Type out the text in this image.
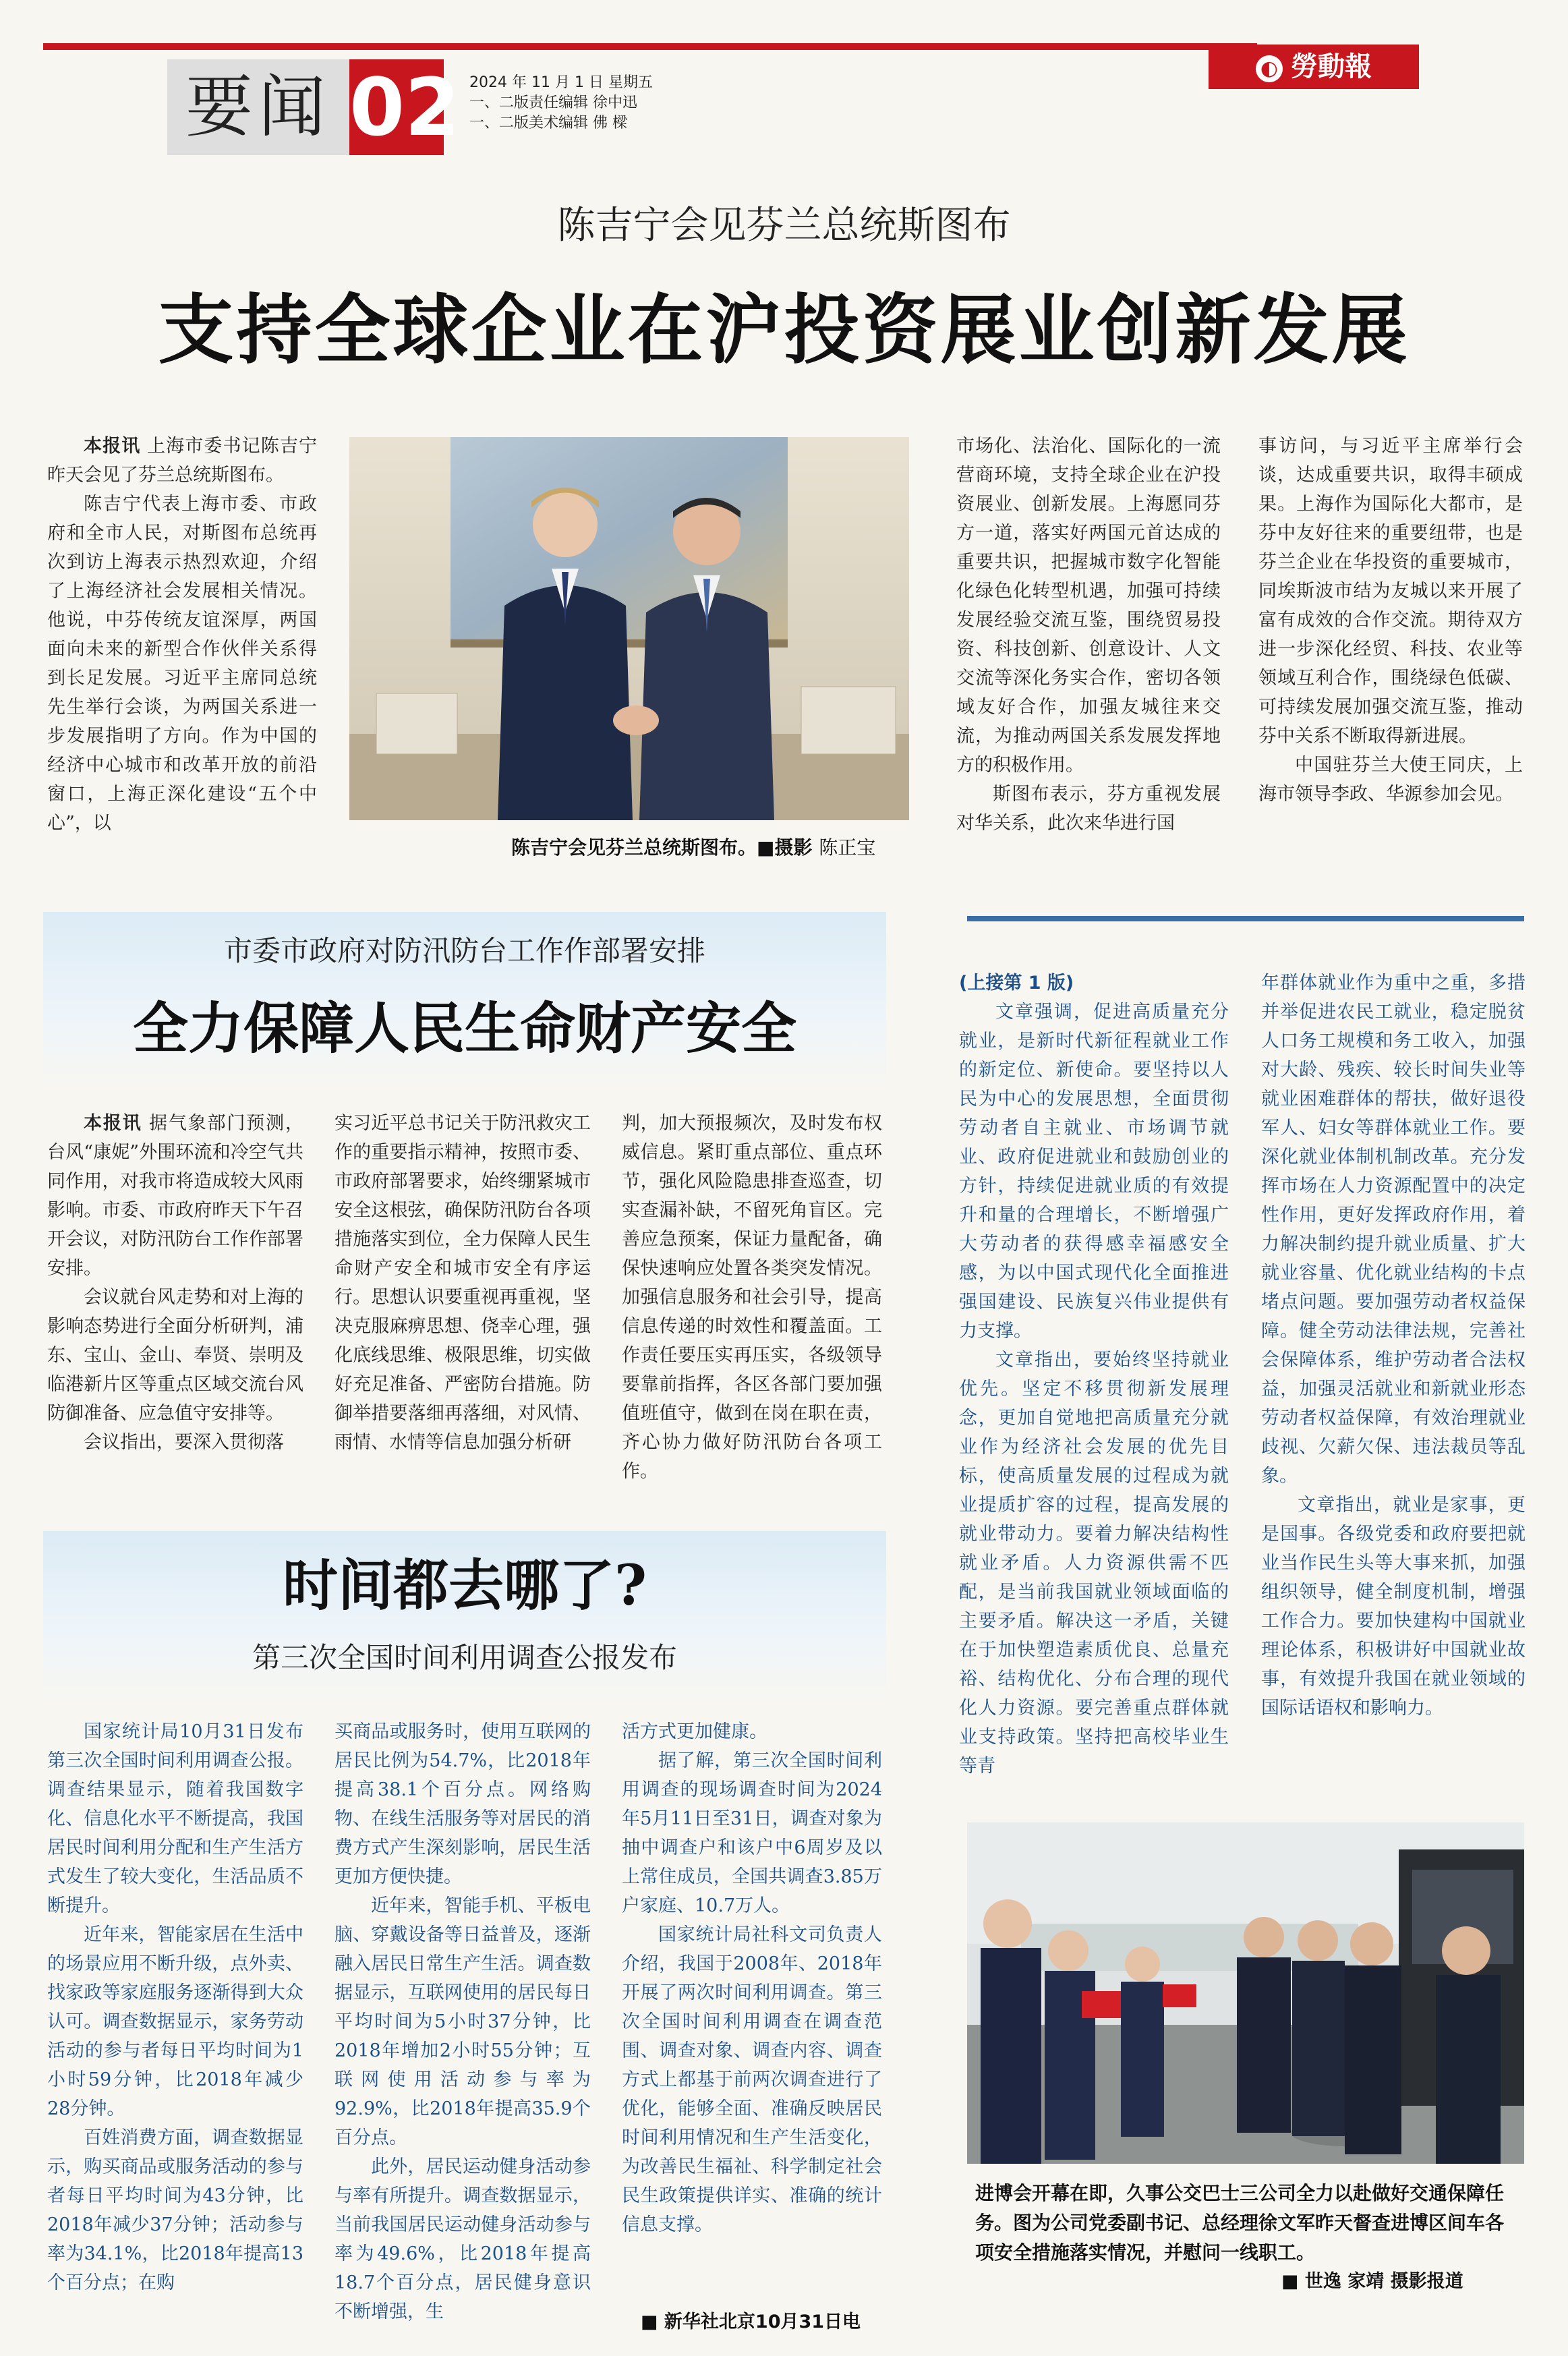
要闻 02 2024 年 11 月 1 日 星期五
一、二版责任编辑 徐中迅
一、二版美术编辑 佛 樑
◐ 勞動報
陈吉宁会见芬兰总统斯图布
支持全球企业在沪投资展业创新发展

本报讯 上海市委书记陈吉宁昨天会见了芬兰总统斯图布。

陈吉宁代表上海市委、市政府和全市人民，对斯图布总统再次到访上海表示热烈欢迎，介绍了上海经济社会发展相关情况。他说，中芬传统友谊深厚，两国面向未来的新型合作伙伴关系得到长足发展。习近平主席同总统先生举行会谈，为两国关系进一步发展指明了方向。作为中国的经济中心城市和改革开放的前沿窗口，上海正深化建设“五个中心”，以

陈吉宁会见芬兰总统斯图布。■摄影 陈正宝

市场化、法治化、国际化的一流营商环境，支持全球企业在沪投资展业、创新发展。上海愿同芬方一道，落实好两国元首达成的重要共识，把握城市数字化智能化绿色化转型机遇，加强可持续发展经验交流互鉴，围绕贸易投资、科技创新、创意设计、人文交流等深化务实合作，密切各领域友好合作，加强友城往来交流，为推动两国关系发展发挥地方的积极作用。

斯图布表示，芬方重视发展对华关系，此次来华进行国

事访问，与习近平主席举行会谈，达成重要共识，取得丰硕成果。上海作为国际化大都市，是芬中友好往来的重要纽带，也是芬兰企业在华投资的重要城市，同埃斯波市结为友城以来开展了富有成效的合作交流。期待双方进一步深化经贸、科技、农业等领域互利合作，围绕绿色低碳、可持续发展加强交流互鉴，推动芬中关系不断取得新进展。

中国驻芬兰大使王同庆，上海市领导李政、华源参加会见。

市委市政府对防汛防台工作作部署安排
全力保障人民生命财产安全

本报讯 据气象部门预测，台风“康妮”外围环流和冷空气共同作用，对我市将造成较大风雨影响。市委、市政府昨天下午召开会议，对防汛防台工作作部署安排。

会议就台风走势和对上海的影响态势进行全面分析研判，浦东、宝山、金山、奉贤、崇明及临港新片区等重点区域交流台风防御准备、应急值守安排等。

会议指出，要深入贯彻落

实习近平总书记关于防汛救灾工作的重要指示精神，按照市委、市政府部署要求，始终绷紧城市安全这根弦，确保防汛防台各项措施落实到位，全力保障人民生命财产安全和城市安全有序运行。思想认识要重视再重视，坚决克服麻痹思想、侥幸心理，强化底线思维、极限思维，切实做好充足准备、严密防台措施。防御举措要落细再落细，对风情、雨情、水情等信息加强分析研

判，加大预报频次，及时发布权威信息。紧盯重点部位、重点环节，强化风险隐患排查巡查，切实查漏补缺，不留死角盲区。完善应急预案，保证力量配备，确保快速响应处置各类突发情况。加强信息服务和社会引导，提高信息传递的时效性和覆盖面。工作责任要压实再压实，各级领导要靠前指挥，各区各部门要加强值班值守，做到在岗在职在责，齐心协力做好防汛防台各项工作。

(上接第 1 版)

文章强调，促进高质量充分就业，是新时代新征程就业工作的新定位、新使命。要坚持以人民为中心的发展思想，全面贯彻劳动者自主就业、市场调节就业、政府促进就业和鼓励创业的方针，持续促进就业质的有效提升和量的合理增长，不断增强广大劳动者的获得感幸福感安全感，为以中国式现代化全面推进强国建设、民族复兴伟业提供有力支撑。

文章指出，要始终坚持就业优先。坚定不移贯彻新发展理念，更加自觉地把高质量充分就业作为经济社会发展的优先目标，使高质量发展的过程成为就业提质扩容的过程，提高发展的就业带动力。要着力解决结构性就业矛盾。人力资源供需不匹配，是当前我国就业领域面临的主要矛盾。解决这一矛盾，关键在于加快塑造素质优良、总量充裕、结构优化、分布合理的现代化人力资源。要完善重点群体就业支持政策。坚持把高校毕业生等青

年群体就业作为重中之重，多措并举促进农民工就业，稳定脱贫人口务工规模和务工收入，加强对大龄、残疾、较长时间失业等就业困难群体的帮扶，做好退役军人、妇女等群体就业工作。要深化就业体制机制改革。充分发挥市场在人力资源配置中的决定性作用，更好发挥政府作用，着力解决制约提升就业质量、扩大就业容量、优化就业结构的卡点堵点问题。要加强劳动者权益保障。健全劳动法律法规，完善社会保障体系，维护劳动者合法权益，加强灵活就业和新就业形态劳动者权益保障，有效治理就业歧视、欠薪欠保、违法裁员等乱象。

文章指出，就业是家事，更是国事。各级党委和政府要把就业当作民生头等大事来抓，加强组织领导，健全制度机制，增强工作合力。要加快建构中国就业理论体系，积极讲好中国就业故事，有效提升我国在就业领域的国际话语权和影响力。

时间都去哪了?
第三次全国时间利用调查公报发布

国家统计局10月31日发布第三次全国时间利用调查公报。调查结果显示，随着我国数字化、信息化水平不断提高，我国居民时间利用分配和生产生活方式发生了较大变化，生活品质不断提升。

近年来，智能家居在生活中的场景应用不断升级，点外卖、找家政等家庭服务逐渐得到大众认可。调查数据显示，家务劳动活动的参与者每日平均时间为1小时59分钟，比2018年减少28分钟。

百姓消费方面，调查数据显示，购买商品或服务活动的参与者每日平均时间为43分钟，比2018年减少37分钟；活动参与率为34.1%，比2018年提高13个百分点；在购

买商品或服务时，使用互联网的居民比例为54.7%，比2018年提高38.1个百分点。网络购物、在线生活服务等对居民的消费方式产生深刻影响，居民生活更加方便快捷。

近年来，智能手机、平板电脑、穿戴设备等日益普及，逐渐融入居民日常生产生活。调查数据显示，互联网使用的居民每日平均时间为5小时37分钟，比2018年增加2小时55分钟；互联网使用活动参与率为92.9%，比2018年提高35.9个百分点。

此外，居民运动健身活动参与率有所提升。调查数据显示，当前我国居民运动健身活动参与率为49.6%，比2018年提高18.7个百分点，居民健身意识不断增强，生

活方式更加健康。

据了解，第三次全国时间利用调查的现场调查时间为2024年5月11日至31日，调查对象为抽中调查户和该户中6周岁及以上常住成员，全国共调查3.85万户家庭、10.7万人。

国家统计局社科文司负责人介绍，我国于2008年、2018年开展了两次时间利用调查。第三次全国时间利用调查在调查范围、调查对象、调查内容、调查方式上都基于前两次调查进行了优化，能够全面、准确反映居民时间利用情况和生产生活变化，为改善民生福祉、科学制定社会民生政策提供详实、准确的统计信息支撑。

■ 新华社北京10月31日电
进博会开幕在即，久事公交巴士三公司全力以赴做好交通保障任务。图为公司党委副书记、总经理徐文军昨天督查进博区间车各项安全措施落实情况，并慰问一线职工。
■ 世逸 家靖 摄影报道
